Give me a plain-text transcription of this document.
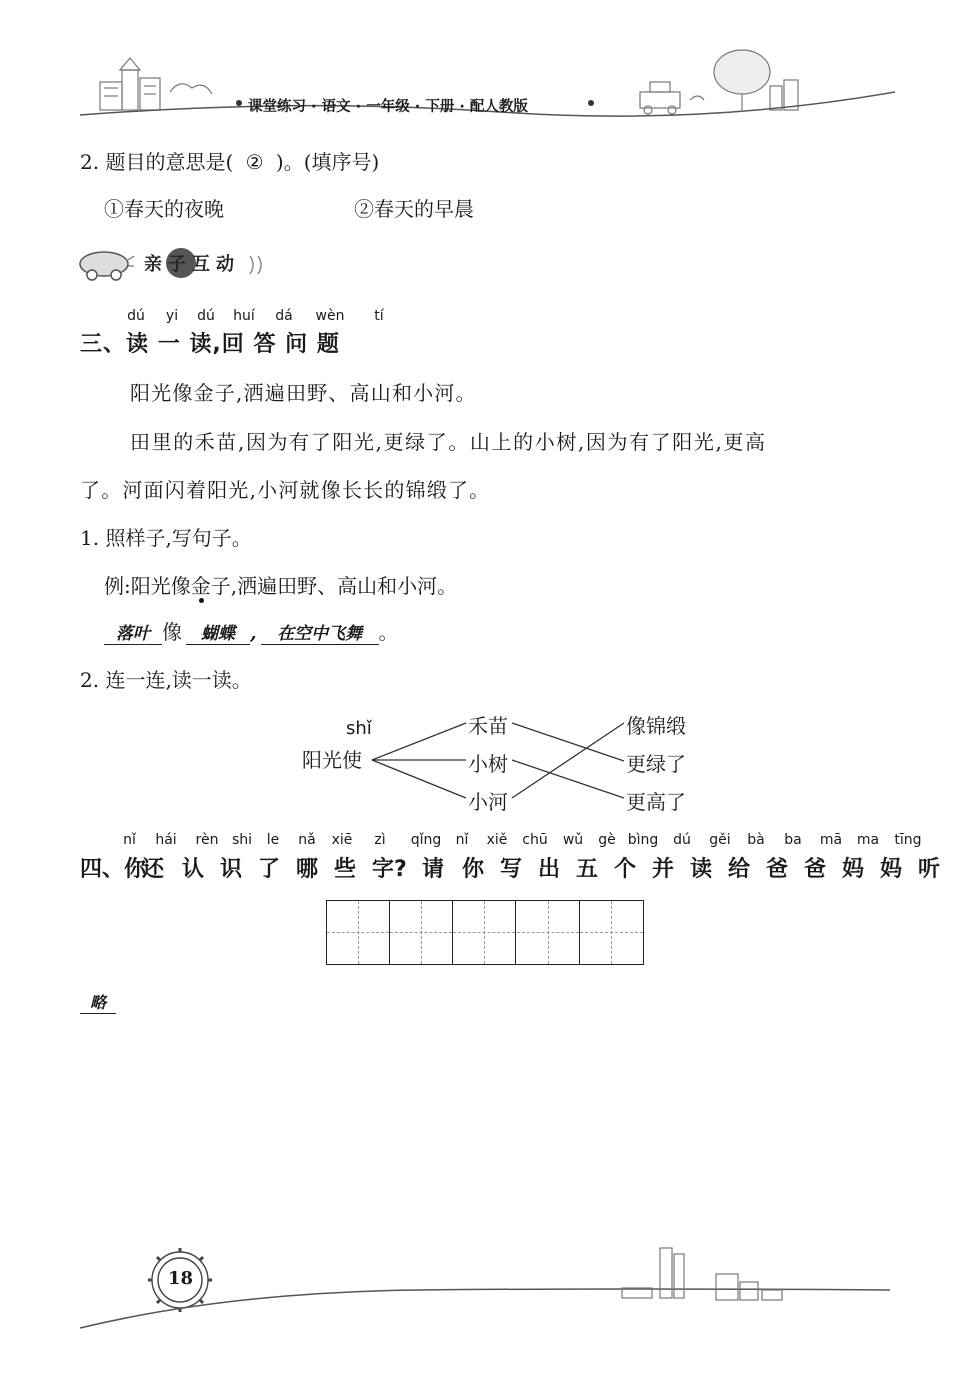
课堂练习 · 语文 · 一年级 · 下册 · 配人教版
2. 题目的意思是( ② )。(填序号)
①春天的夜晚	②春天的早晨
亲子互动
dú	yi	dú	huí	dá	wèn	tí
三、读 一 读,回 答 问 题
阳光像金子,洒遍田野、高山和小河。
田里的禾苗,因为有了阳光,更绿了。山上的小树,因为有了阳光,更高
了。河面闪着阳光,小河就像长长的锦缎了。
1. 照样子,写句子。
例:阳光像金子,洒遍田野、高山和小河。
落叶 像 蝴蝶 , 在空中飞舞 。
2. 连一连,读一读。
shǐ
阳光使
禾苗
小树
小河
像锦缎
更绿了
更高了
nǐ	hái	rèn shi	le	nǎ	xiē	zì	qǐng	nǐ	xiě	chū	wǔ	gè bìng	dú	gěi	bà	ba	mā	ma	tīng
四、你
还 认 识 了 哪 些 字? 请 你 写 出 五 个 并 读 给 爸 爸 妈 妈 听
略
18
